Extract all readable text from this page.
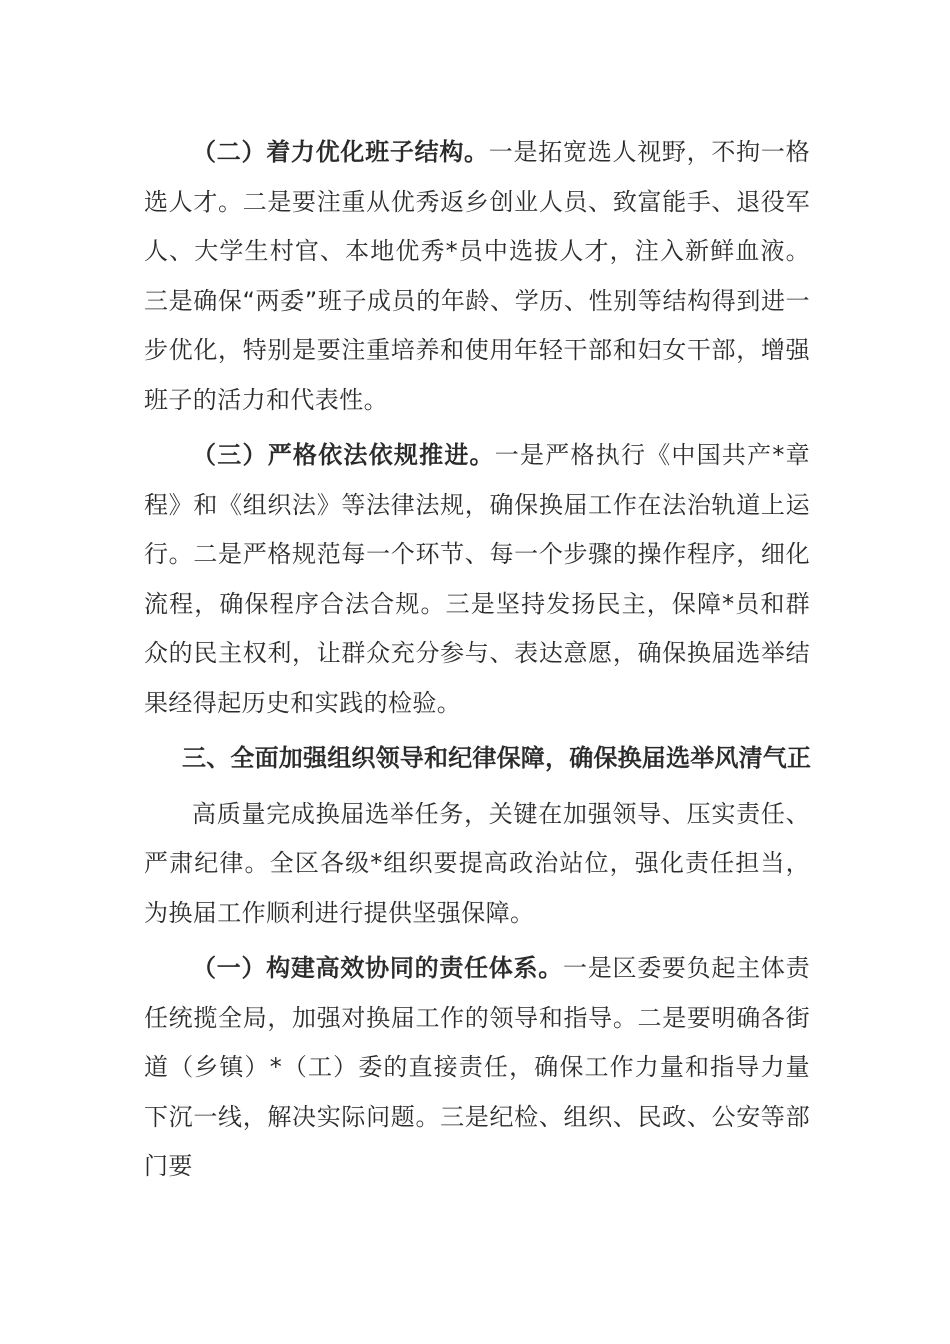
（二）着力优化班子结构。一是拓宽选人视野，不拘一格选人才。二是要注重从优秀返乡创业人员、致富能手、退役军人、大学生村官、本地优秀*员中选拔人才，注入新鲜血液。三是确保“两委”班子成员的年龄、学历、性别等结构得到进一步优化，特别是要注重培养和使用年轻干部和妇女干部，增强班子的活力和代表性。

（三）严格依法依规推进。一是严格执行《中国共产*章程》和《组织法》等法律法规，确保换届工作在法治轨道上运行。二是严格规范每一个环节、每一个步骤的操作程序，细化流程，确保程序合法合规。三是坚持发扬民主，保障*员和群众的民主权利，让群众充分参与、表达意愿，确保换届选举结果经得起历史和实践的检验。

三、全面加强组织领导和纪律保障，确保换届选举风清气正

高质量完成换届选举任务，关键在加强领导、压实责任、严肃纪律。全区各级*组织要提高政治站位，强化责任担当，为换届工作顺利进行提供坚强保障。

（一）构建高效协同的责任体系。一是区委要负起主体责任统揽全局，加强对换届工作的领导和指导。二是要明确各街道（乡镇）*（工）委的直接责任，确保工作力量和指导力量下沉一线，解决实际问题。三是纪检、组织、民政、公安等部门要
